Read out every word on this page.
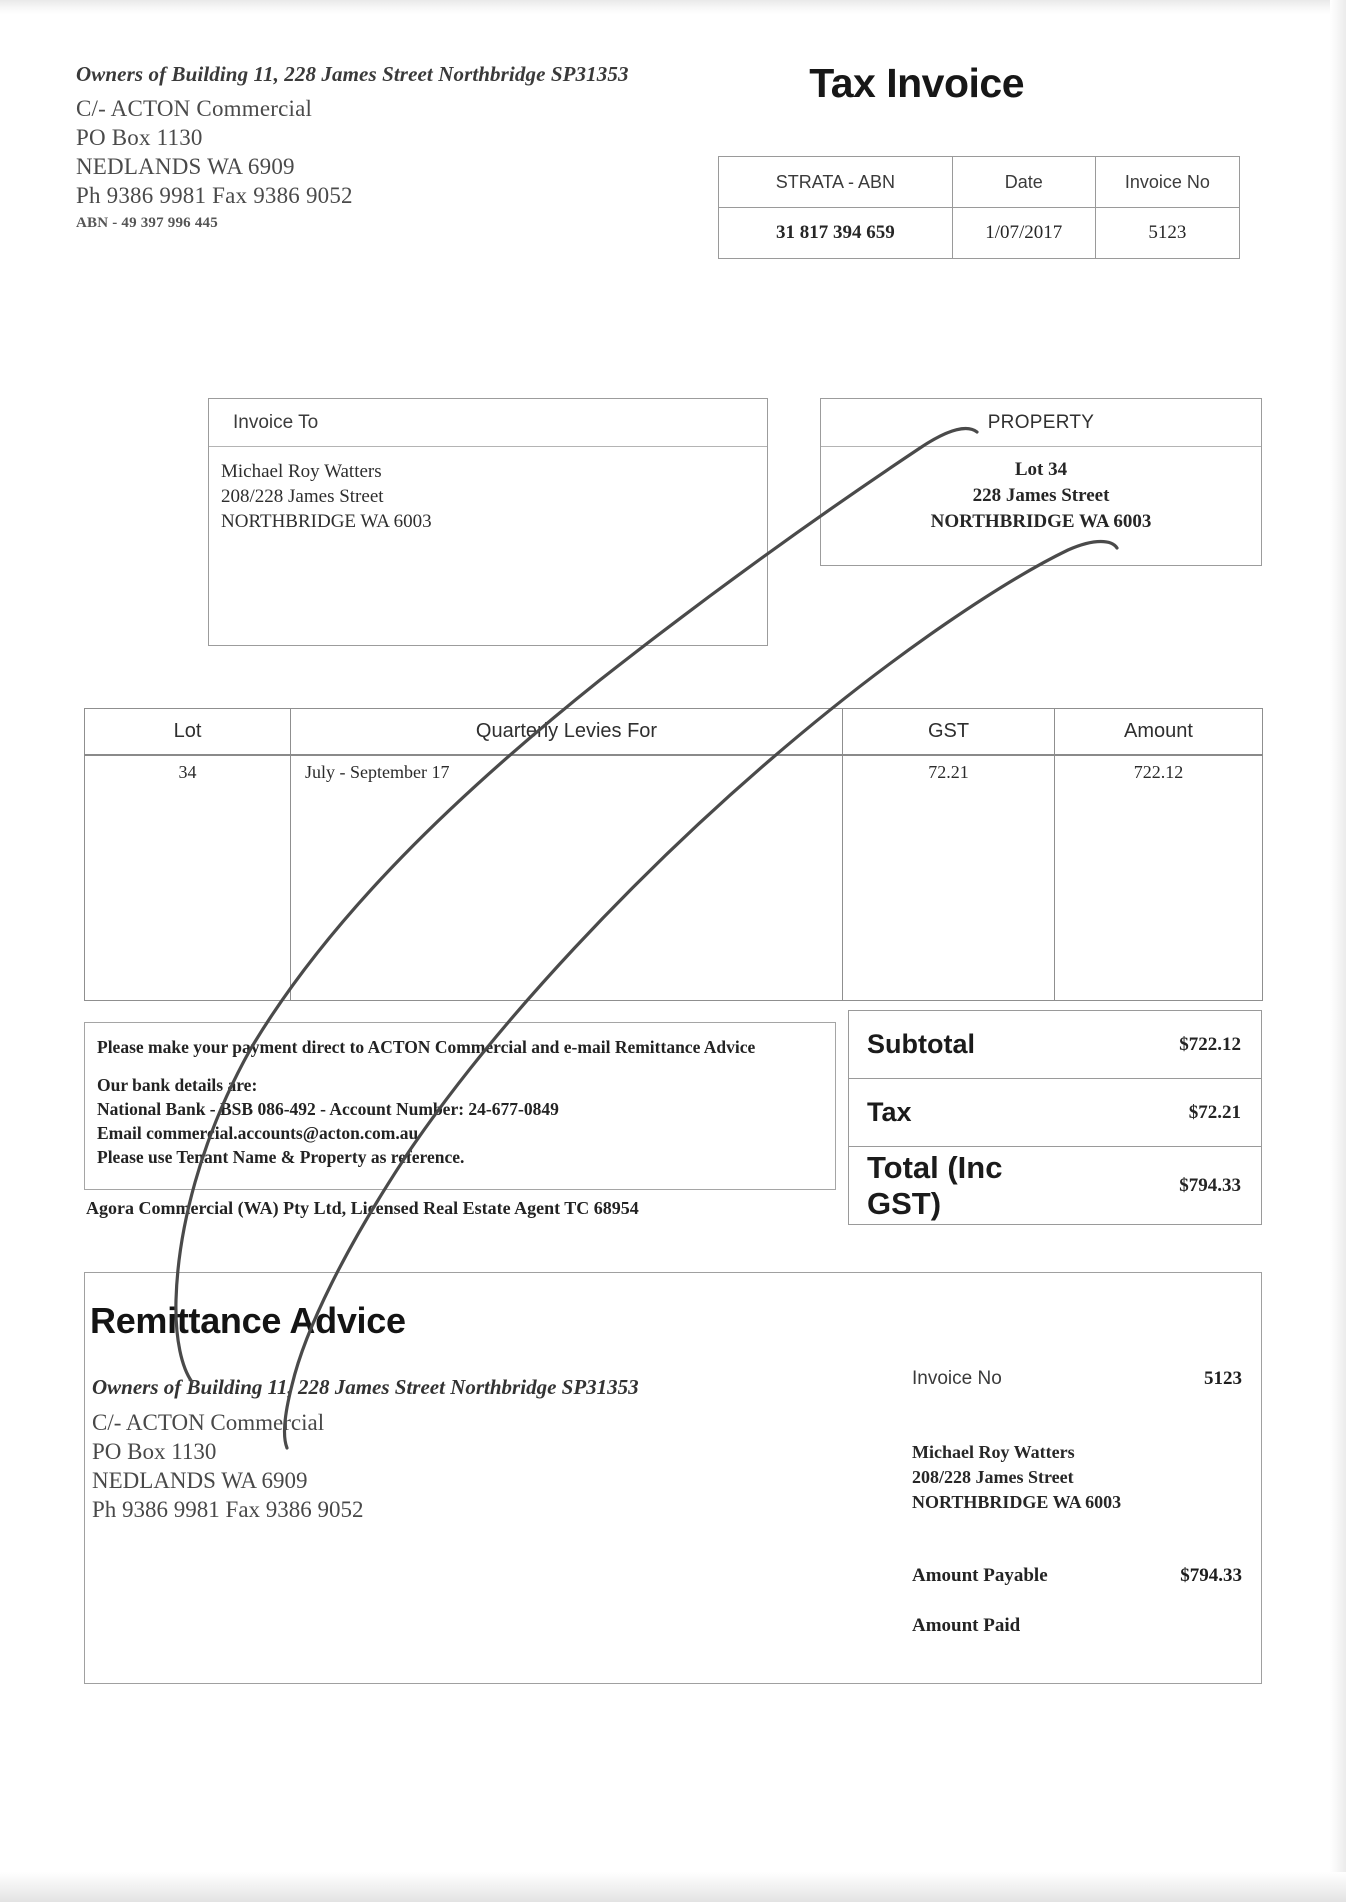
Owners of Building 11, 228 James Street Northbridge SP31353
C/- ACTON Commercial
PO Box 1130
NEDLANDS WA 6909
Ph 9386 9981 Fax 9386 9052
ABN - 49 397 996 445
Tax Invoice
STRATA - ABN	Date	Invoice No
31 817 394 659	1/07/2017	5123
Invoice To
Michael Roy Watters
208/228 James Street
NORTHBRIDGE WA 6003
PROPERTY
Lot 34
228 James Street
NORTHBRIDGE WA 6003
Lot	Quarterly Levies For	GST	Amount
34	July - September 17	72.21	722.12

Please make your payment direct to ACTON Commercial and e-mail Remittance Advice
Our bank details are:
National Bank - BSB 086-492 - Account Number: 24-677-0849
Email commercial.accounts@acton.com.au
Please use Tenant Name & Property as reference.
Agora Commercial (WA) Pty Ltd, Licensed Real Estate Agent TC 68954
Subtotal	$722.12
Tax	$72.21
Total (Inc GST)	$794.33
Remittance Advice
Owners of Building 11, 228 James Street Northbridge SP31353
C/- ACTON Commercial
PO Box 1130
NEDLANDS WA 6909
Ph 9386 9981 Fax 9386 9052
Invoice No	5123
Michael Roy Watters
208/228 James Street
NORTHBRIDGE WA 6003
Amount Payable	$794.33
Amount Paid
